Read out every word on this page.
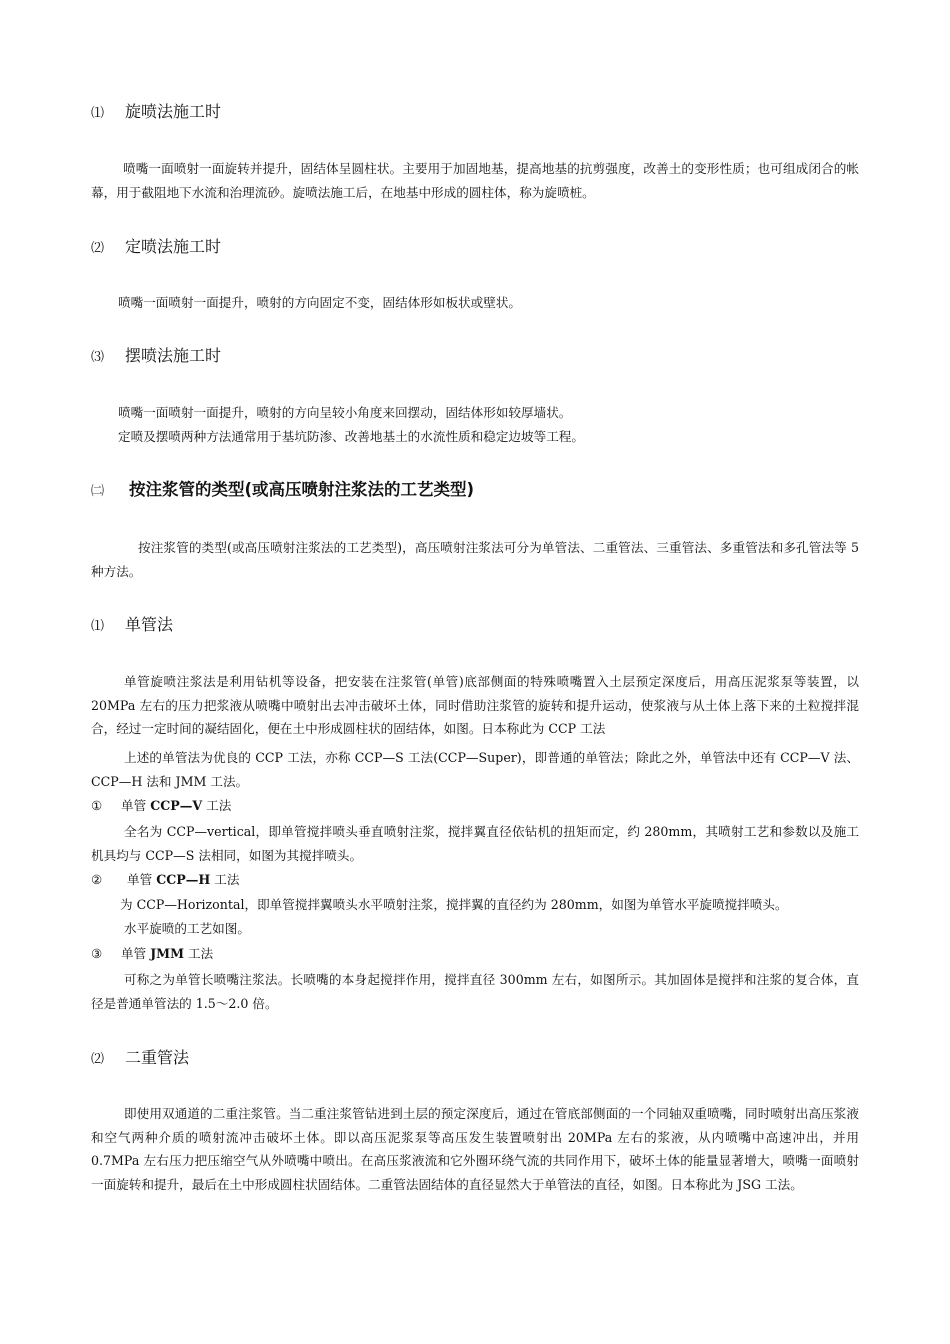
⑴ 旋喷法施工时
喷嘴一面喷射一面旋转并提升，固结体呈圆柱状。主要用于加固地基，提高地基的抗剪强度，改善土的变形性质；也可组成闭合的帐幕，用于截阻地下水流和治理流砂。旋喷法施工后，在地基中形成的圆柱体，称为旋喷桩。
⑵ 定喷法施工时
喷嘴一面喷射一面提升，喷射的方向固定不变，固结体形如板状或壁状。
⑶ 摆喷法施工时
喷嘴一面喷射一面提升，喷射的方向呈较小角度来回摆动，固结体形如较厚墙状。
定喷及摆喷两种方法通常用于基坑防渗、改善地基土的水流性质和稳定边坡等工程。
㈡ 按注浆管的类型(或高压喷射注浆法的工艺类型)
按注浆管的类型(或高压喷射注浆法的工艺类型)，高压喷射注浆法可分为单管法、二重管法、三重管法、多重管法和多孔管法等 5 种方法。
⑴ 单管法
单管旋喷注浆法是利用钻机等设备，把安装在注浆管(单管)底部侧面的特殊喷嘴置入土层预定深度后，用高压泥浆泵等装置，以 20MPa 左右的压力把浆液从喷嘴中喷射出去冲击破坏土体，同时借助注浆管的旋转和提升运动，使浆液与从土体上落下来的土粒搅拌混合，经过一定时间的凝结固化，便在土中形成圆柱状的固结体，如图。日本称此为 CCP 工法
上述的单管法为优良的 CCP 工法，亦称 CCP—S 工法(CCP—Super)，即普通的单管法；除此之外，单管法中还有 CCP—V 法、CCP—H 法和 JMM 工法。
① 单管 CCP—V 工法
全名为 CCP—vertical，即单管搅拌喷头垂直喷射注浆，搅拌翼直径依钻机的扭矩而定，约 280mm，其喷射工艺和参数以及施工机具均与 CCP—S 法相同，如图为其搅拌喷头。
② 单管 CCP—H 工法
为 CCP—Horizontal，即单管搅拌翼喷头水平喷射注浆，搅拌翼的直径约为 280mm，如图为单管水平旋喷搅拌喷头。
水平旋喷的工艺如图。
③ 单管 JMM 工法
可称之为单管长喷嘴注浆法。长喷嘴的本身起搅拌作用，搅拌直径 300mm 左右，如图所示。其加固体是搅拌和注浆的复合体，直径是普通单管法的 1.5～2.0 倍。
⑵ 二重管法
即使用双通道的二重注浆管。当二重注浆管钻进到土层的预定深度后，通过在管底部侧面的一个同轴双重喷嘴，同时喷射出高压浆液和空气两种介质的喷射流冲击破坏土体。即以高压泥浆泵等高压发生装置喷射出 20MPa 左右的浆液，从内喷嘴中高速冲出，并用 0.7MPa 左右压力把压缩空气从外喷嘴中喷出。在高压浆液流和它外圈环绕气流的共同作用下，破坏土体的能量显著增大，喷嘴一面喷射一面旋转和提升，最后在土中形成圆柱状固结体。二重管法固结体的直径显然大于单管法的直径，如图。日本称此为 JSG 工法。
